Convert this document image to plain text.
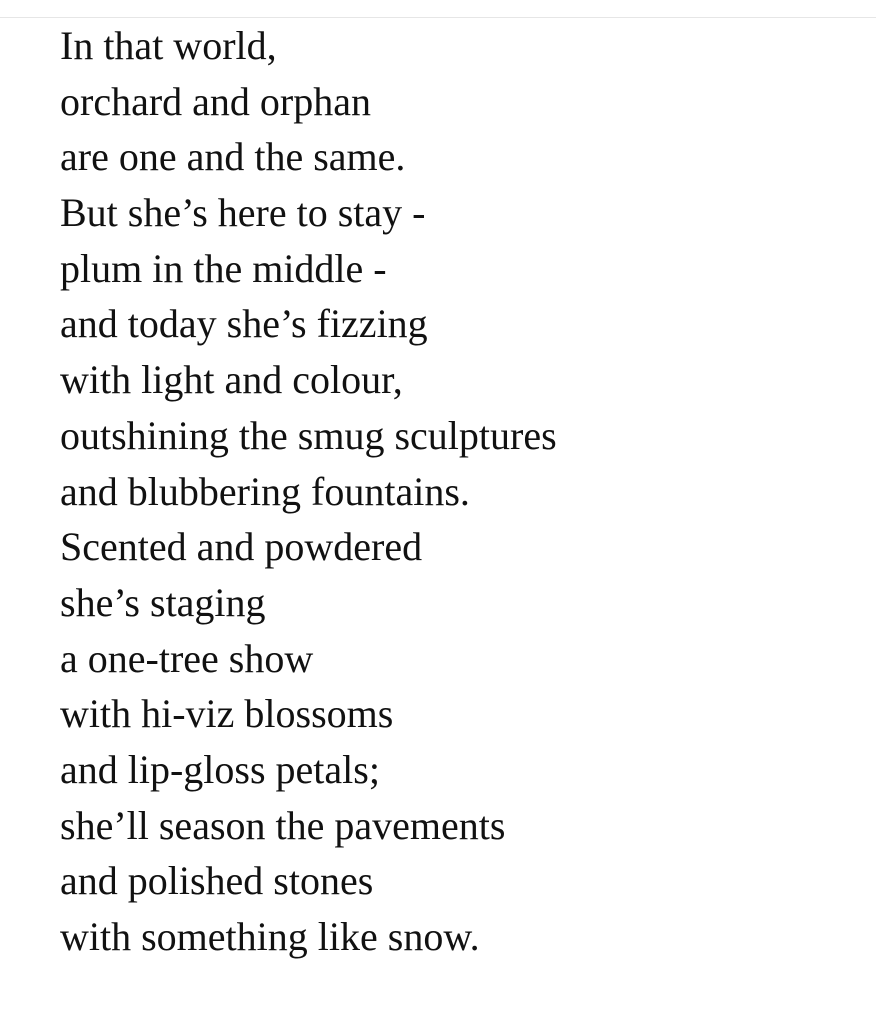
In that world,
orchard and orphan
are one and the same.
But she’s here to stay -
plum in the middle -
and today she’s fizzing
with light and colour,
outshining the smug sculptures
and blubbering fountains.
Scented and powdered
she’s staging
a one-tree show
with hi-viz blossoms
and lip-gloss petals;
she’ll season the pavements
and polished stones
with something like snow.
